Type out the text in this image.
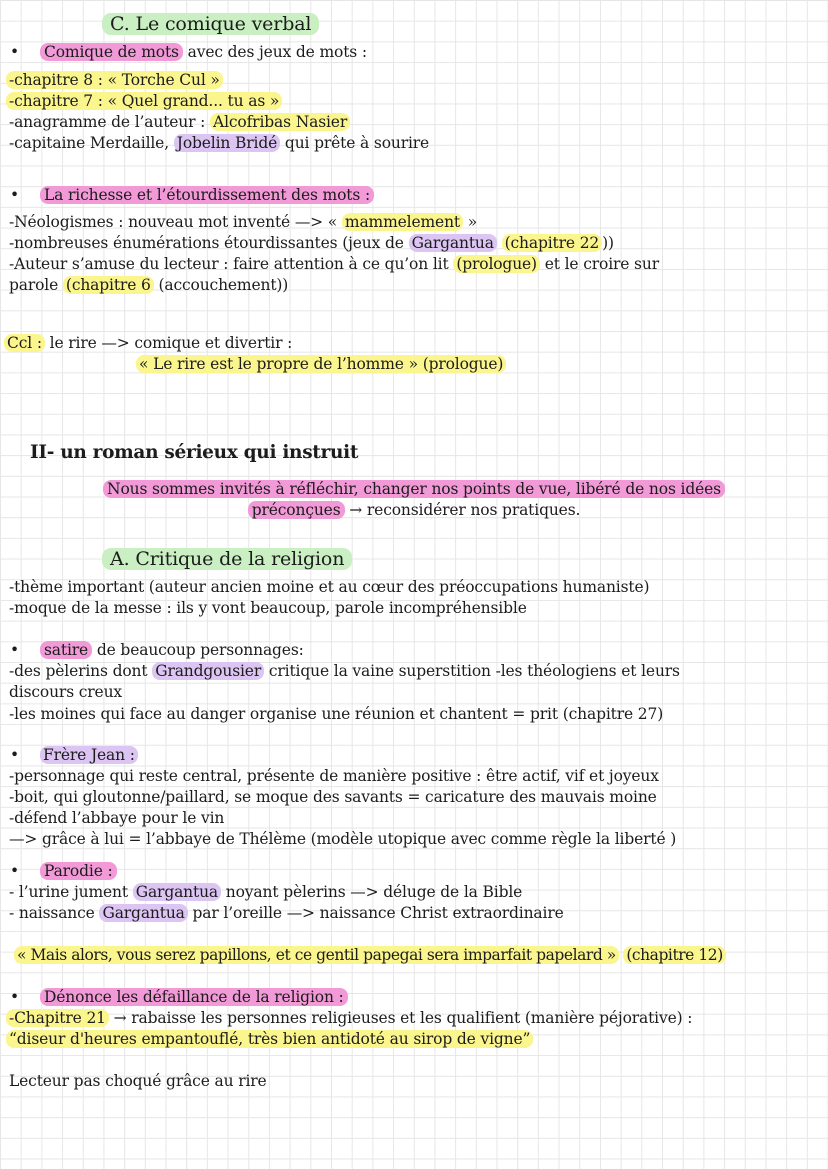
C. Le comique verbal
• Comique de mots avec des jeux de mots :
-chapitre 8 : « Torche Cul »
-chapitre 7 : « Quel grand... tu as »
-anagramme de l’auteur : Alcofribas Nasier
-capitaine Merdaille, Jobelin Bridé qui prête à sourire
• La richesse et l’étourdissement des mots :
-Néologismes : nouveau mot inventé —> « mammelement »
-nombreuses énumérations étourdissantes (jeux de Gargantua (chapitre 22 ))
-Auteur s’amuse du lecteur : faire attention à ce qu’on lit (prologue) et le croire sur
parole (chapitre 6 (accouchement))
Ccl : le rire —> comique et divertir :
« Le rire est le propre de l’homme » (prologue)
II- un roman sérieux qui instruit
Nous sommes invités à réfléchir, changer nos points de vue, libéré de nos idées
préconçues → reconsidérer nos pratiques.
A. Critique de la religion
-thème important (auteur ancien moine et au cœur des préoccupations humaniste)
-moque de la messe : ils y vont beaucoup, parole incompréhensible
• satire de beaucoup personnages:
-des pèlerins dont Grandgousier critique la vaine superstition -les théologiens et leurs
discours creux
-les moines qui face au danger organise une réunion et chantent = prit (chapitre 27)
• Frère Jean :
-personnage qui reste central, présente de manière positive : être actif, vif et joyeux
-boit, qui gloutonne/paillard, se moque des savants = caricature des mauvais moine
-défend l’abbaye pour le vin
—> grâce à lui = l’abbaye de Thélème (modèle utopique avec comme règle la liberté )
• Parodie :
- l’urine jument Gargantua noyant pèlerins —> déluge de la Bible
- naissance Gargantua par l’oreille —> naissance Christ extraordinaire
« Mais alors, vous serez papillons, et ce gentil papegai sera imparfait papelard » (chapitre 12)
• Dénonce les défaillance de la religion :
-Chapitre 21 → rabaisse les personnes religieuses et les qualifient (manière péjorative) :
“diseur d'heures empantouflé, très bien antidoté au sirop de vigne”
Lecteur pas choqué grâce au rire
